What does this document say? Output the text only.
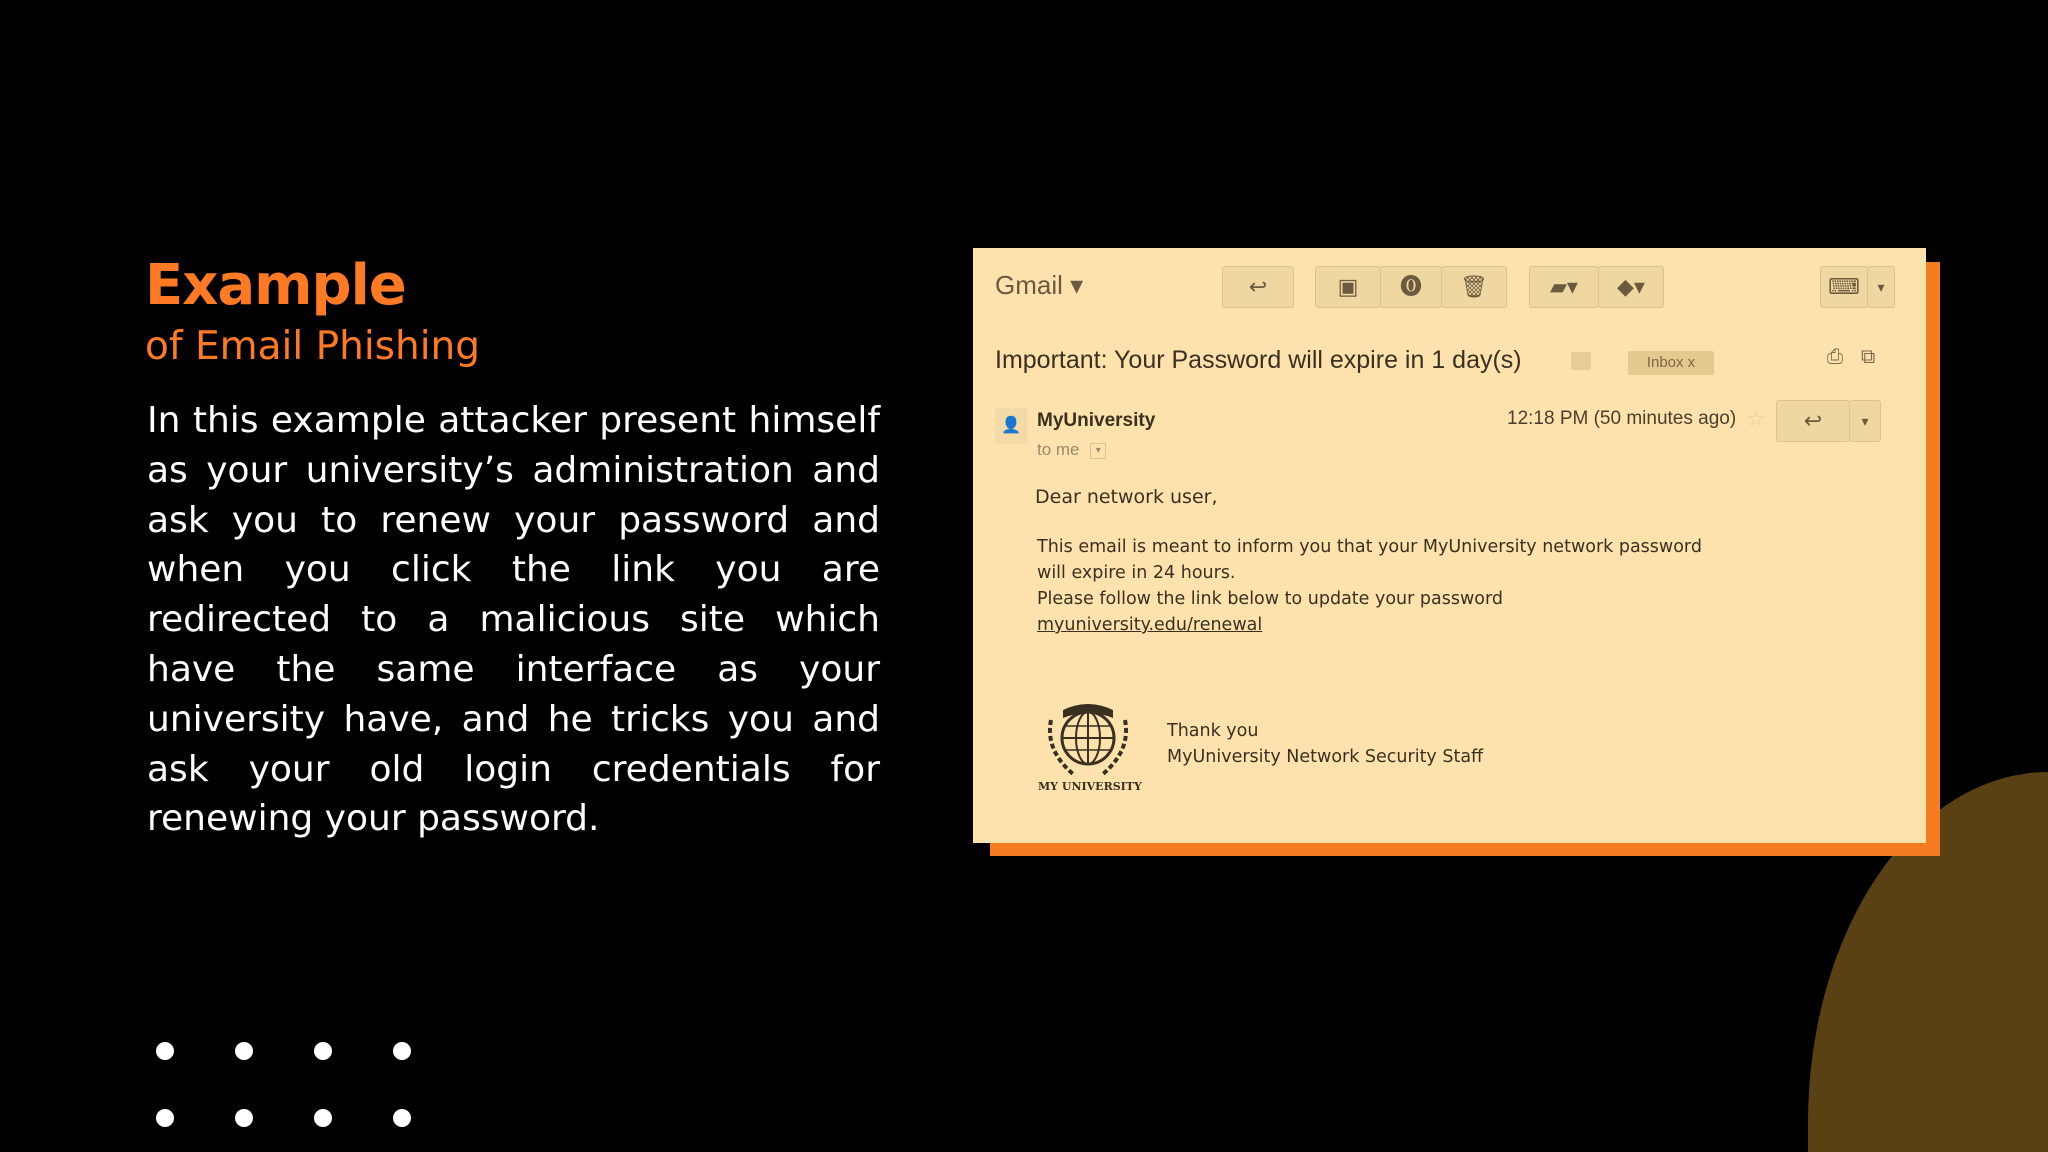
Example
of Email Phishing
In this example attacker present himself as your university’s administration and ask you to renew your password and when you click the link you are redirected to a malicious site which have the same interface as your university have, and he tricks you and ask your old login credentials for renewing your password.
Gmail ▾	↩	▣	⓿	🗑	▰▾	◆▾	⌨	▾
Important: Your Password will expire in 1 day(s)	Inbox x	⎙ ⧉
👤 MyUniversity
to me ▾
12:18 PM (50 minutes ago) ☆	↩	▾
Dear network user,
This email is meant to inform you that your MyUniversity network password
will expire in 24 hours.
Please follow the link below to update your password
myuniversity.edu/renewal
MY UNIVERSITY
Thank you
MyUniversity Network Security Staff
